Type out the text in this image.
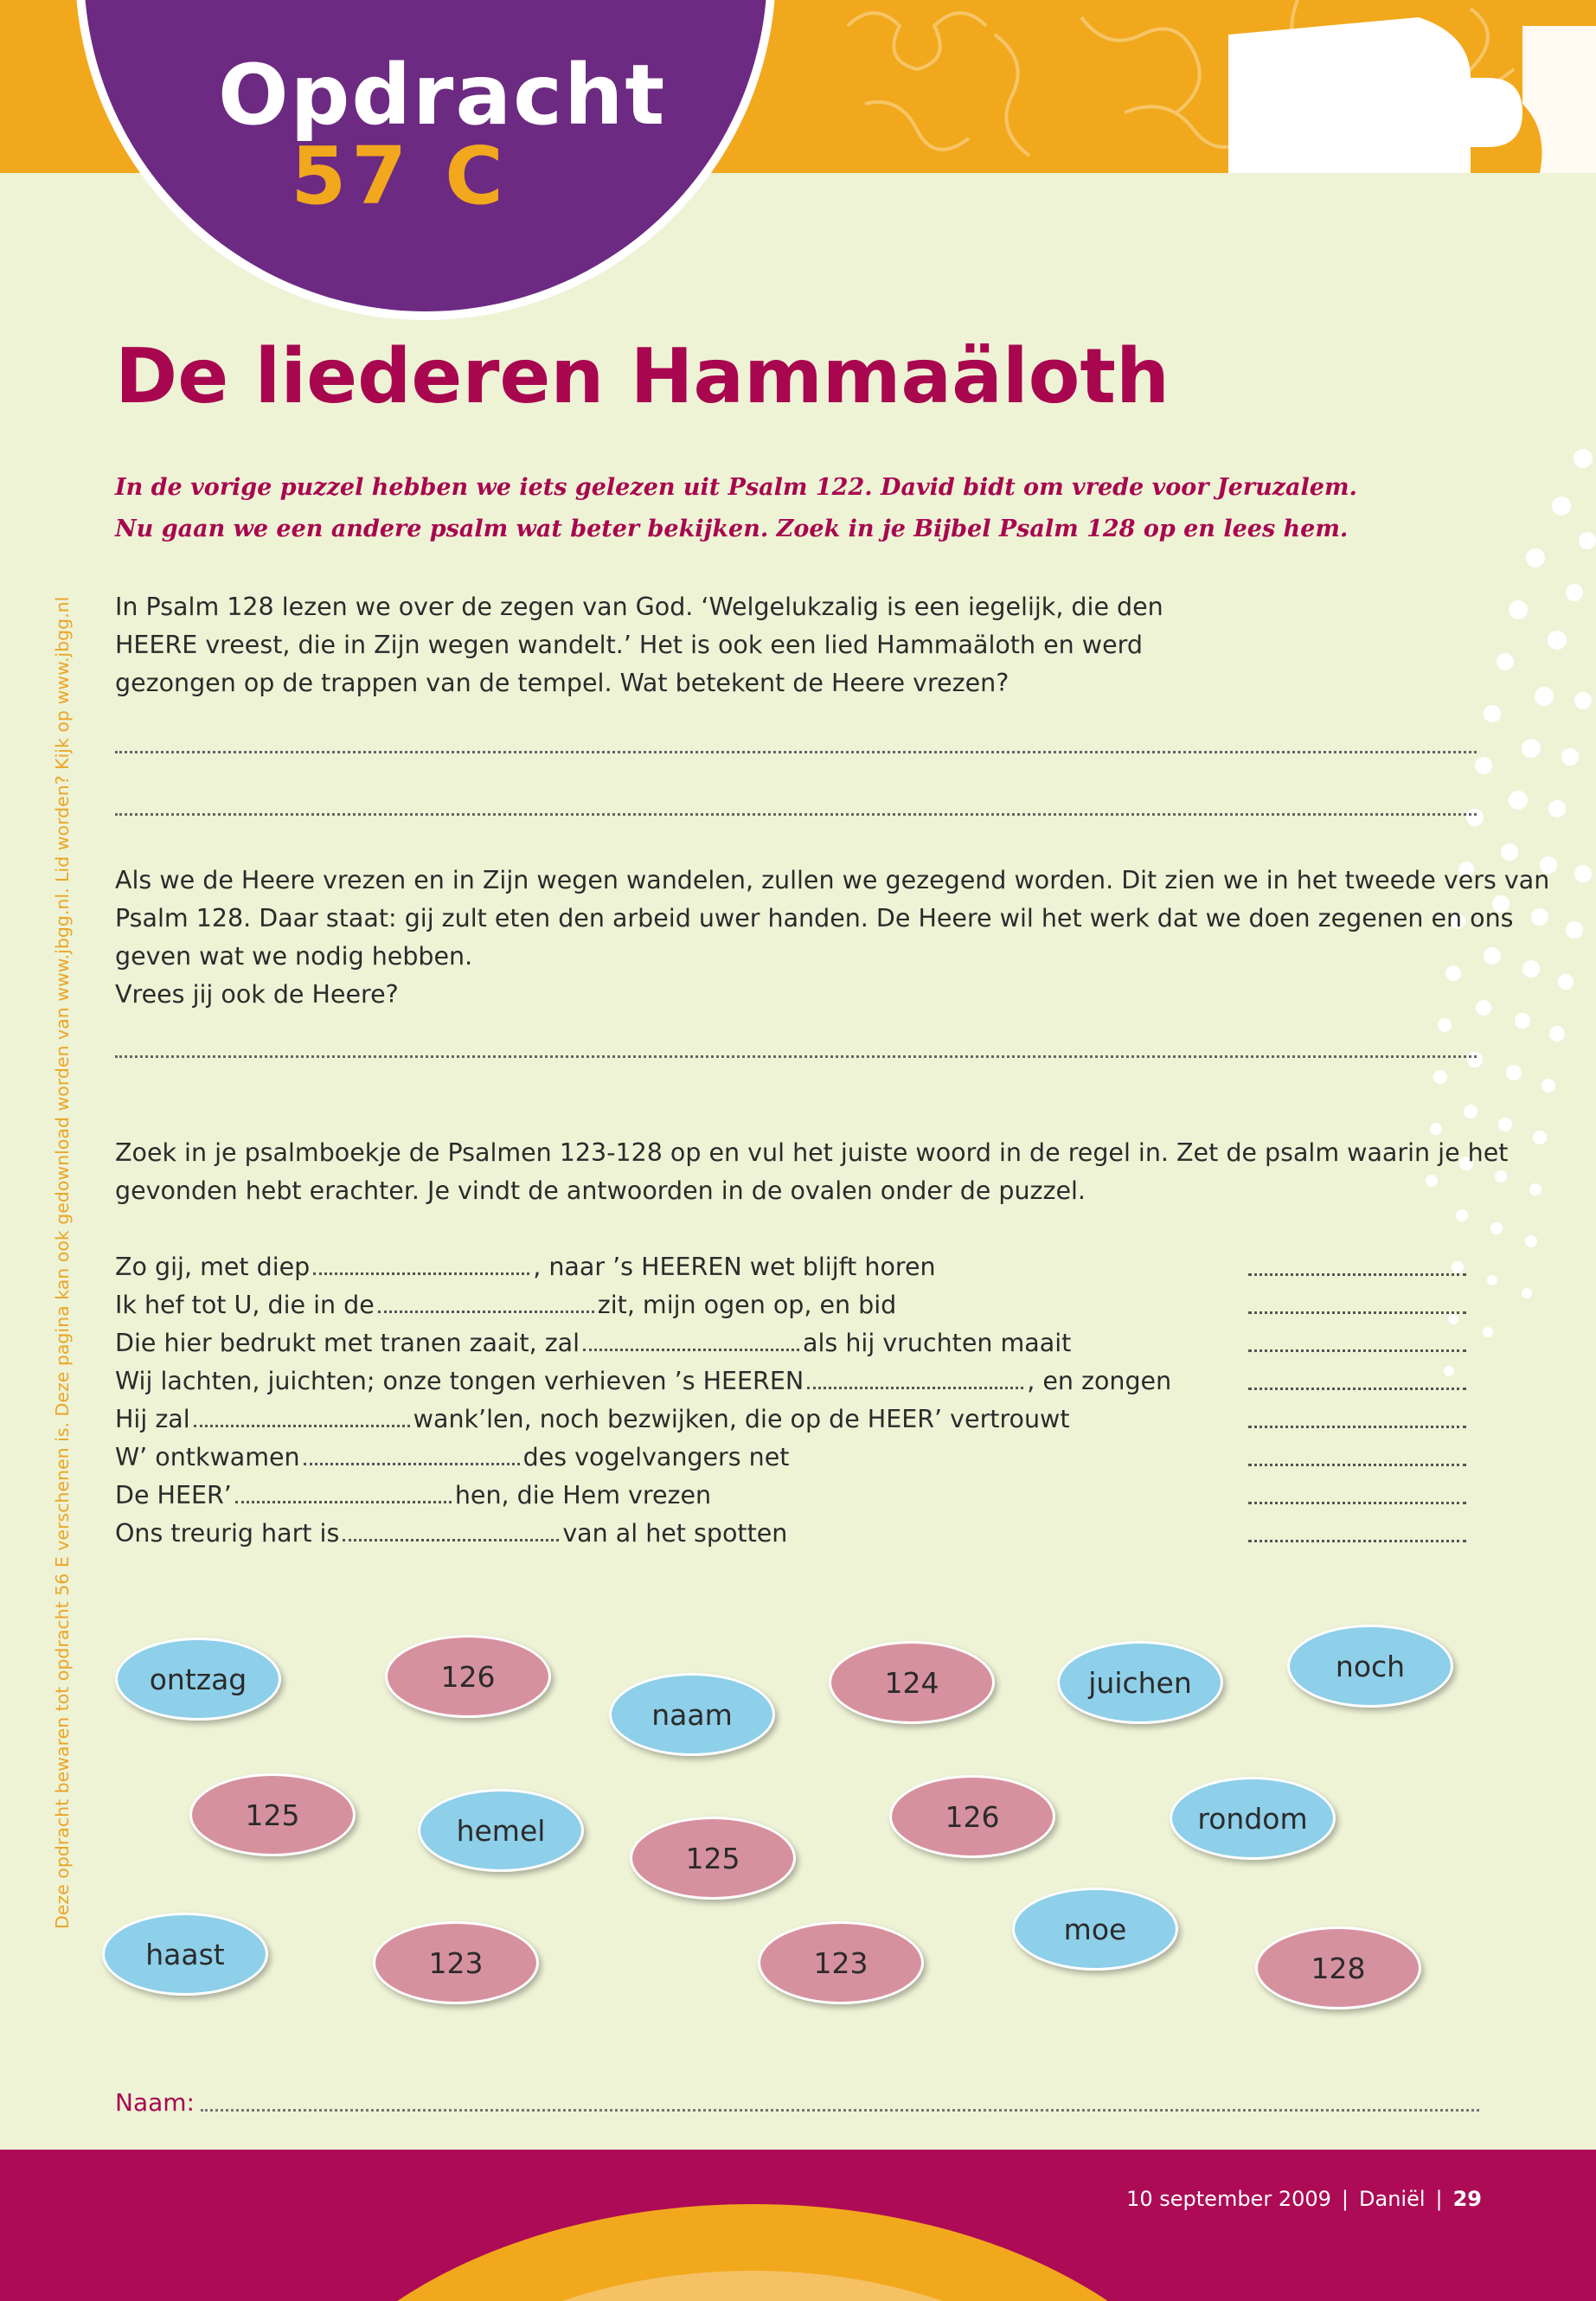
Opdracht
57 C
Deze opdracht bewaren tot opdracht 56 E verschenen is. Deze pagina kan ook gedownload worden van www.jbgg.nl. Lid worden? Kijk op www.jbgg.nl
De liederen Hammaäloth
In de vorige puzzel hebben we iets gelezen uit Psalm 122. David bidt om vrede voor Jeruzalem.
Nu gaan we een andere psalm wat beter bekijken. Zoek in je Bijbel Psalm 128 op en lees hem.
In Psalm 128 lezen we over de zegen van God. ‘Welgelukzalig is een iegelijk, die den
HEERE vreest, die in Zijn wegen wandelt.’ Het is ook een lied Hammaäloth en werd
gezongen op de trappen van de tempel. Wat betekent de Heere vrezen?
Als we de Heere vrezen en in Zijn wegen wandelen, zullen we gezegend worden. Dit zien we in het tweede vers van
Psalm 128. Daar staat: gij zult eten den arbeid uwer handen. De Heere wil het werk dat we doen zegenen en ons
geven wat we nodig hebben.
Vrees jij ook de Heere?
Zoek in je psalmboekje de Psalmen 123-128 op en vul het juiste woord in de regel in. Zet de psalm waarin je het
gevonden hebt erachter. Je vindt de antwoorden in de ovalen onder de puzzel.
Zo gij, met diep	, naar ’s HEEREN wet blijft horen
Ik hef tot U, die in de	zit, mijn ogen op, en bid
Die hier bedrukt met tranen zaait, zal	als hij vruchten maait
Wij lachten, juichten; onze tongen verhieven ’s HEEREN	, en zongen
Hij zal	wank’len, noch bezwijken, die op de HEER’ vertrouwt
W’ ontkwamen	des vogelvangers net
De HEER’	hen, die Hem vrezen
Ons treurig hart is	van al het spotten
ontzag	126
naam
124	juichen	noch
125	hemel
125
126	rondom
haast	123	123
moe
128
Naam:
10 september 2009 | Daniël | 29
